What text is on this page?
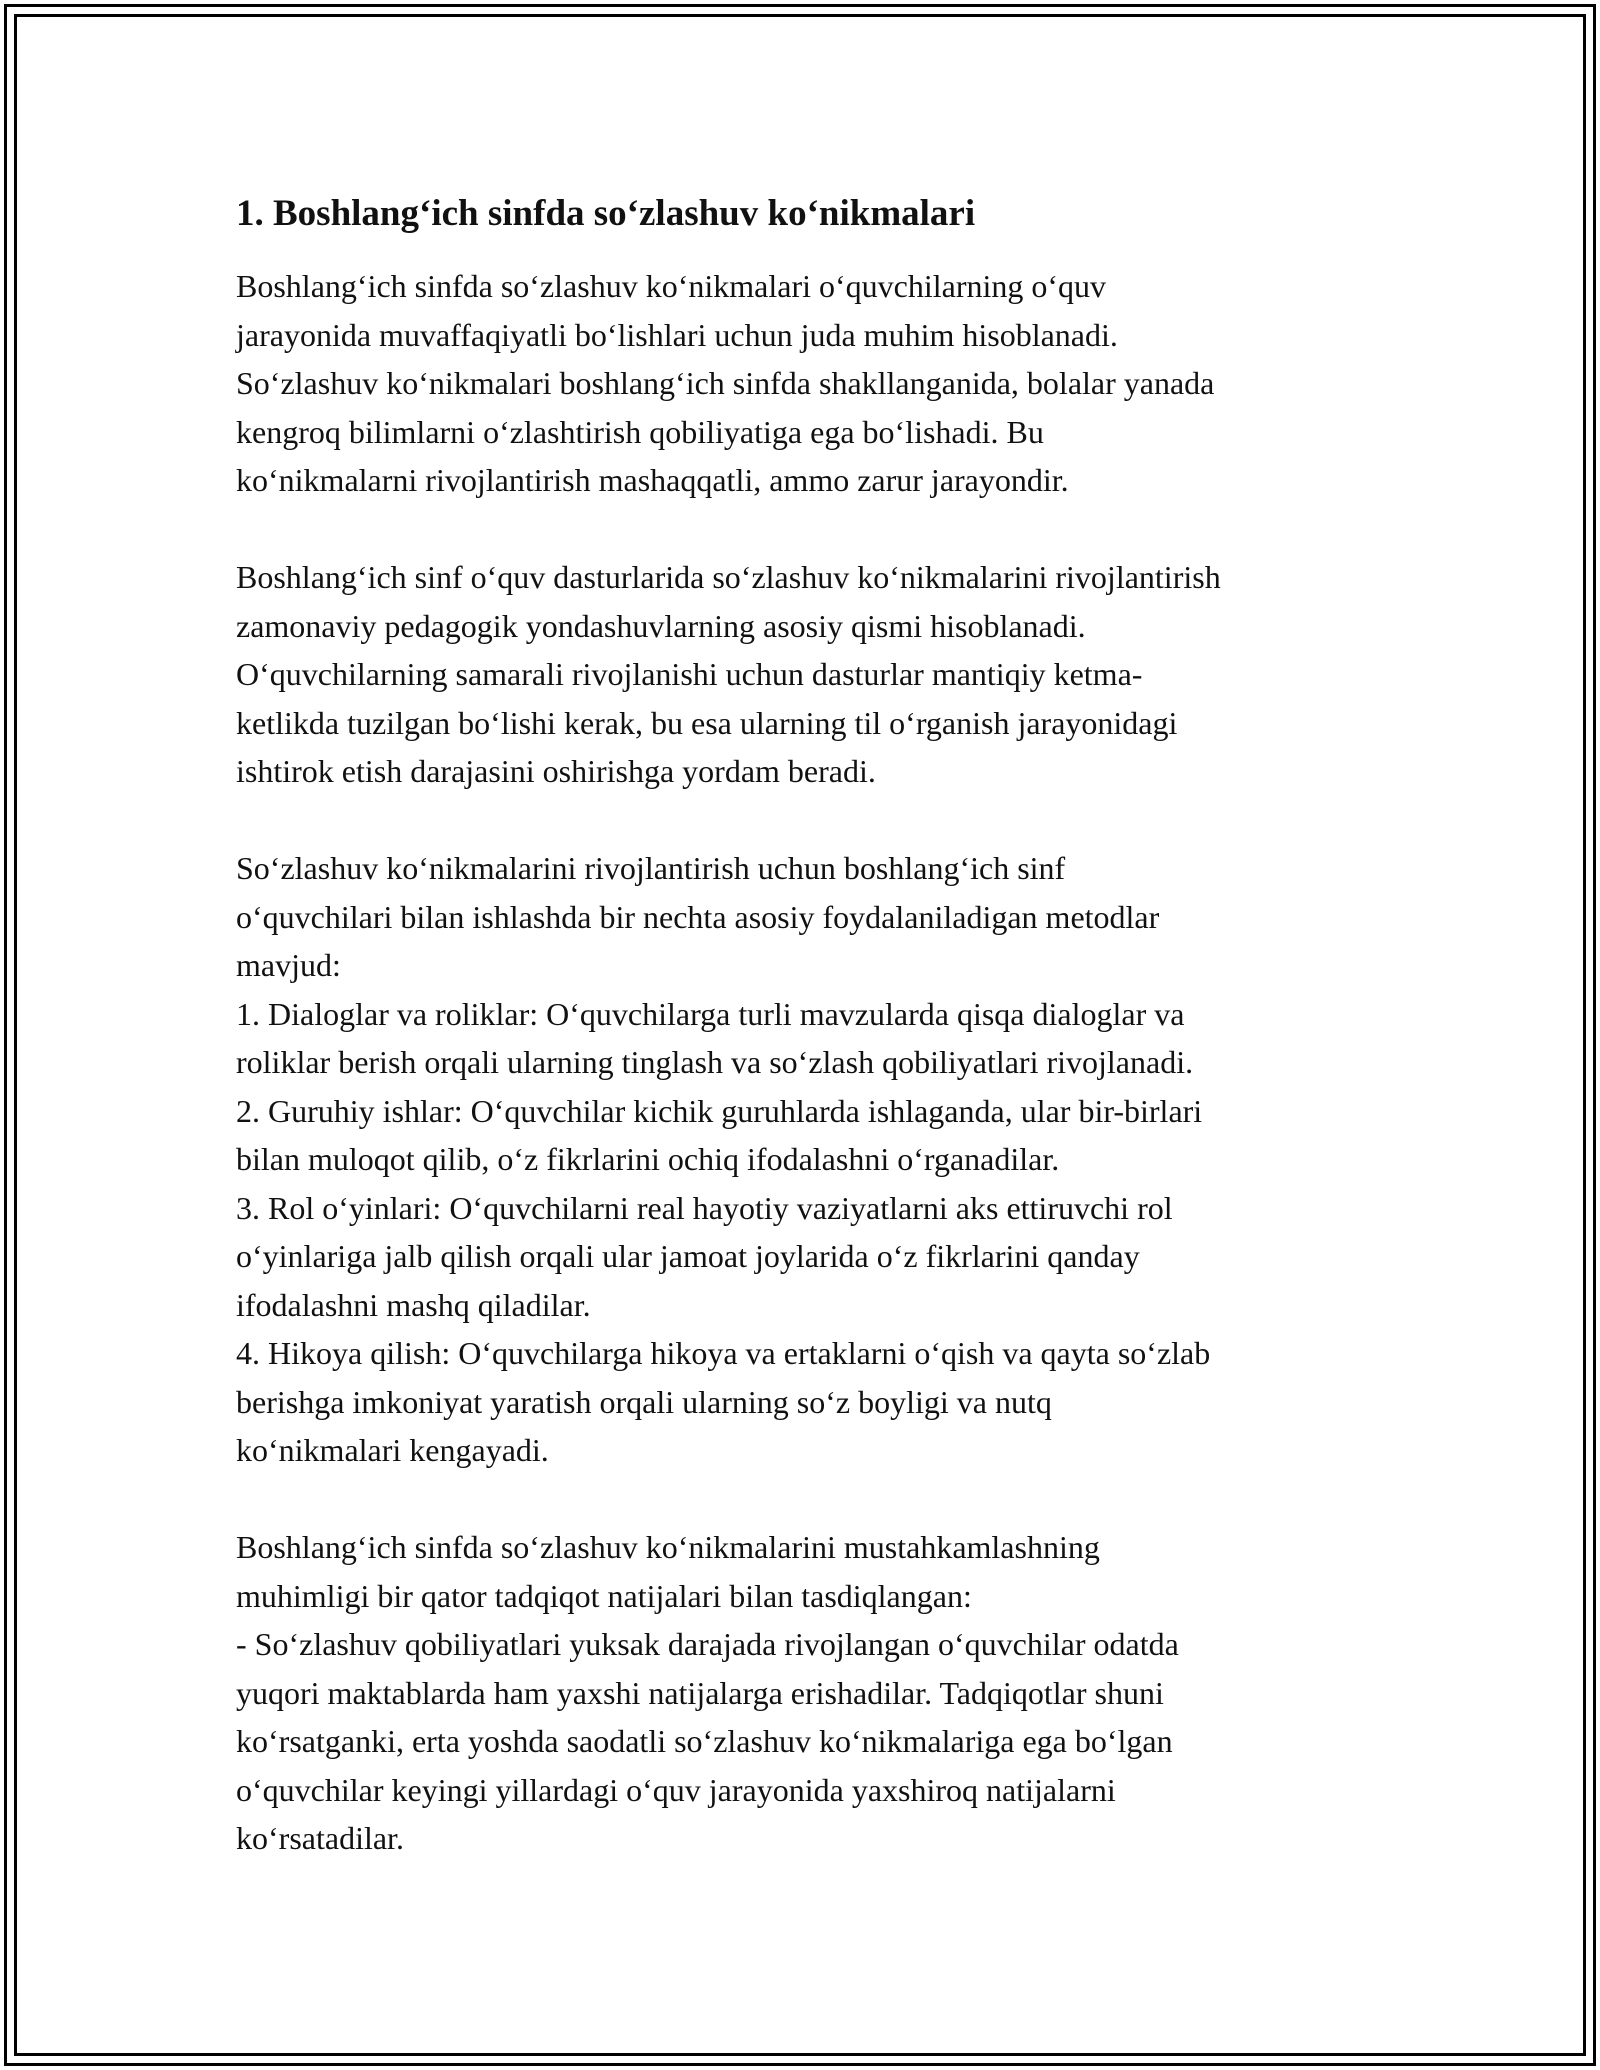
1. Boshlang‘ich sinfda so‘zlashuv ko‘nikmalari

Boshlang‘ich sinfda so‘zlashuv ko‘nikmalari o‘quvchilarning o‘quv
jarayonida muvaffaqiyatli bo‘lishlari uchun juda muhim hisoblanadi.
So‘zlashuv ko‘nikmalari boshlang‘ich sinfda shakllanganida, bolalar yanada
kengroq bilimlarni o‘zlashtirish qobiliyatiga ega bo‘lishadi. Bu
ko‘nikmalarni rivojlantirish mashaqqatli, ammo zarur jarayondir.

Boshlang‘ich sinf o‘quv dasturlarida so‘zlashuv ko‘nikmalarini rivojlantirish
zamonaviy pedagogik yondashuvlarning asosiy qismi hisoblanadi.
O‘quvchilarning samarali rivojlanishi uchun dasturlar mantiqiy ketma-
ketlikda tuzilgan bo‘lishi kerak, bu esa ularning til o‘rganish jarayonidagi
ishtirok etish darajasini oshirishga yordam beradi.

So‘zlashuv ko‘nikmalarini rivojlantirish uchun boshlang‘ich sinf
o‘quvchilari bilan ishlashda bir nechta asosiy foydalaniladigan metodlar
mavjud:
1. Dialoglar va roliklar: O‘quvchilarga turli mavzularda qisqa dialoglar va
roliklar berish orqali ularning tinglash va so‘zlash qobiliyatlari rivojlanadi.
2. Guruhiy ishlar: O‘quvchilar kichik guruhlarda ishlaganda, ular bir-birlari
bilan muloqot qilib, o‘z fikrlarini ochiq ifodalashni o‘rganadilar.
3. Rol o‘yinlari: O‘quvchilarni real hayotiy vaziyatlarni aks ettiruvchi rol
o‘yinlariga jalb qilish orqali ular jamoat joylarida o‘z fikrlarini qanday
ifodalashni mashq qiladilar.
4. Hikoya qilish: O‘quvchilarga hikoya va ertaklarni o‘qish va qayta so‘zlab
berishga imkoniyat yaratish orqali ularning so‘z boyligi va nutq
ko‘nikmalari kengayadi.

Boshlang‘ich sinfda so‘zlashuv ko‘nikmalarini mustahkamlashning
muhimligi bir qator tadqiqot natijalari bilan tasdiqlangan:
- So‘zlashuv qobiliyatlari yuksak darajada rivojlangan o‘quvchilar odatda
yuqori maktablarda ham yaxshi natijalarga erishadilar. Tadqiqotlar shuni
ko‘rsatganki, erta yoshda saodatli so‘zlashuv ko‘nikmalariga ega bo‘lgan
o‘quvchilar keyingi yillardagi o‘quv jarayonida yaxshiroq natijalarni
ko‘rsatadilar.
